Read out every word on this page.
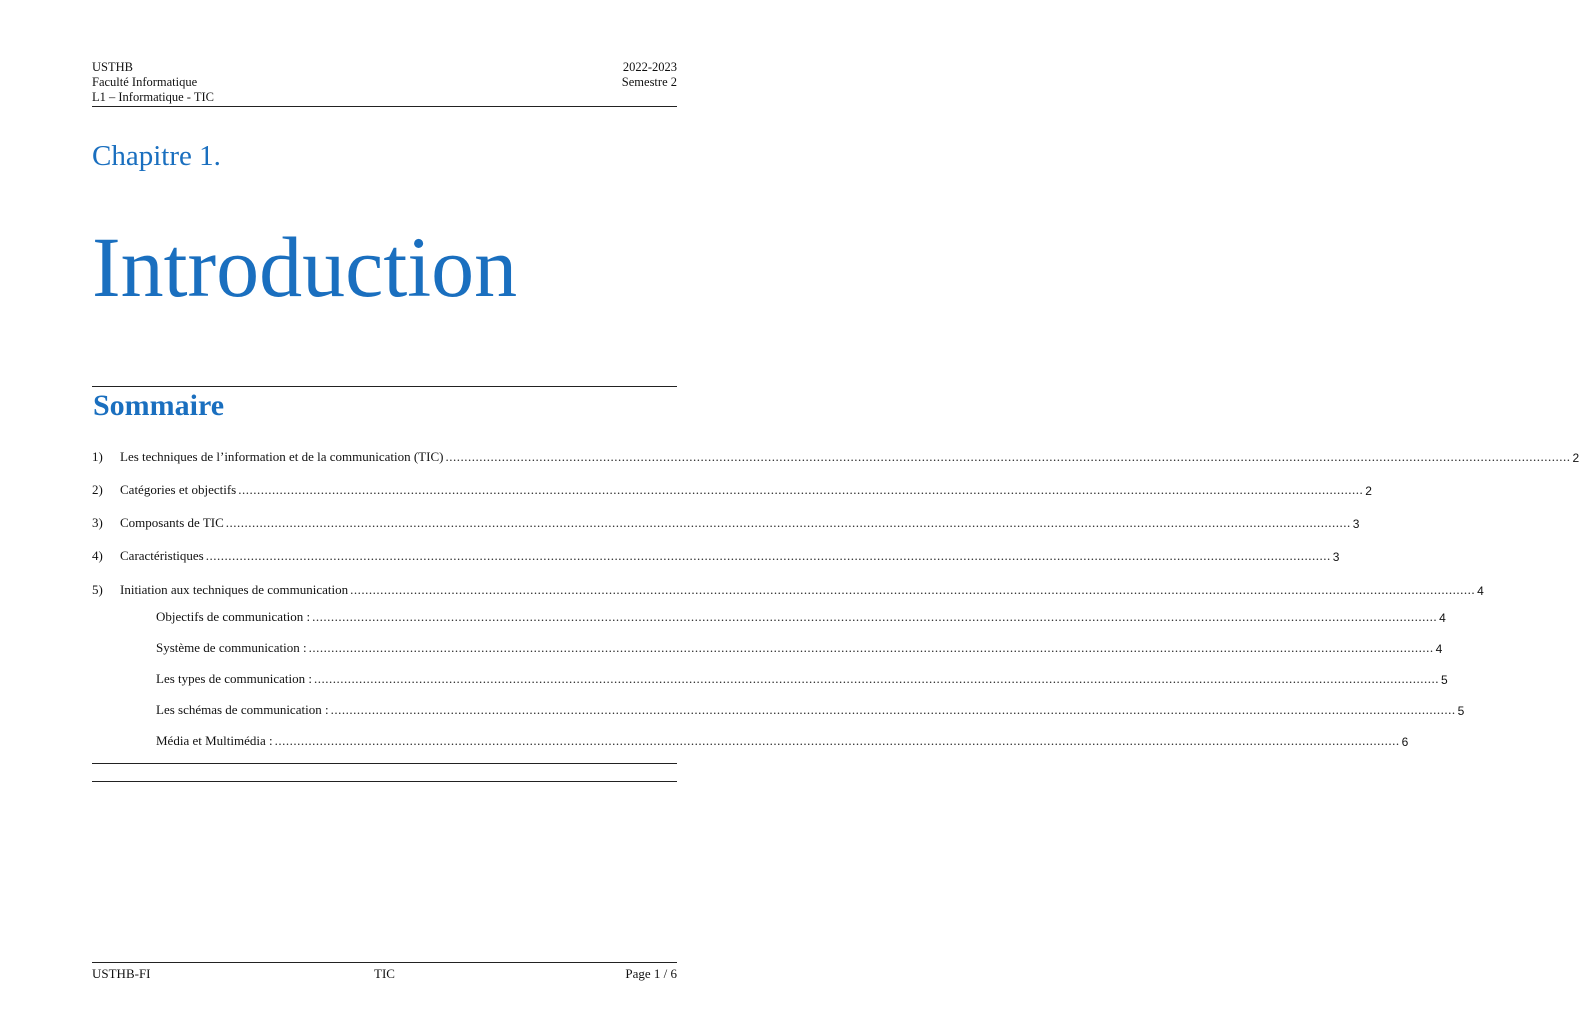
USTHB
Faculté Informatique
L1 – Informatique - TIC
2022-2023
Semestre 2
Chapitre 1.
Introduction
Sommaire
1)	Les techniques de l’information et de la communication (TIC) ............................................................................................................................................................................................................................................................................................................ 2
2)	Catégories et objectifs ............................................................................................................................................................................................................................................................................................................ 2
3)	Composants de TIC ............................................................................................................................................................................................................................................................................................................ 3
4)	Caractéristiques ............................................................................................................................................................................................................................................................................................................ 3
5)	Initiation aux techniques de communication ............................................................................................................................................................................................................................................................................................................ 4
Objectifs de communication : ............................................................................................................................................................................................................................................................................................................ 4
Système de communication : ............................................................................................................................................................................................................................................................................................................ 4
Les types de communication : ............................................................................................................................................................................................................................................................................................................ 5
Les schémas de communication : ............................................................................................................................................................................................................................................................................................................ 5
Média et Multimédia : ............................................................................................................................................................................................................................................................................................................ 6
USTHB-FI	TIC	Page 1 / 6
